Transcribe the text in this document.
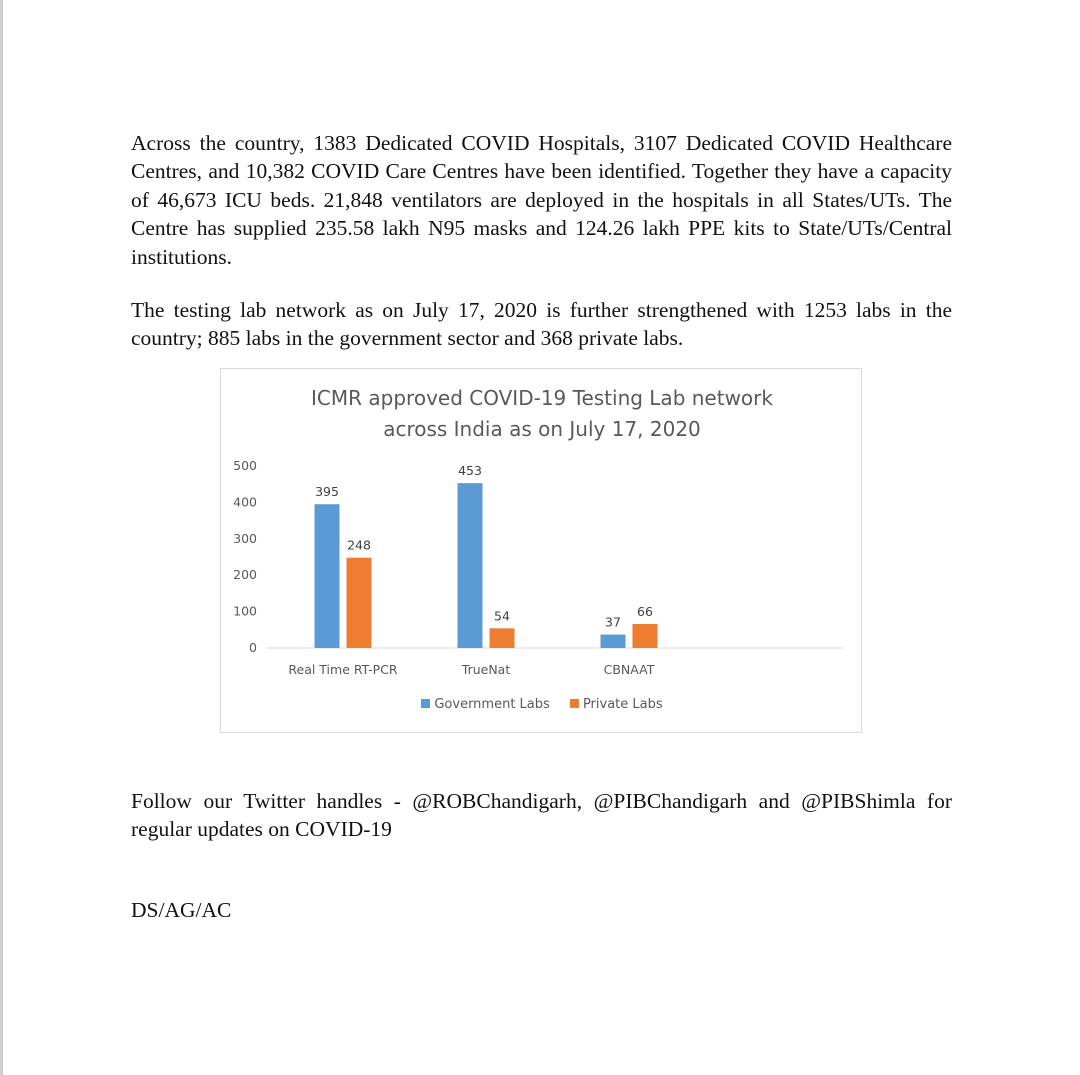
Across the country, 1383 Dedicated COVID Hospitals, 3107 Dedicated COVID Healthcare Centres, and 10,382 COVID Care Centres have been identified. Together they have a capacity of 46,673 ICU beds. 21,848 ventilators are deployed in the hospitals in all States/UTs. The Centre has supplied 235.58 lakh N95 masks and 124.26 lakh PPE kits to State/UTs/Central institutions.

The testing lab network as on July 17, 2020 is further strengthened with 1253 labs in the country; 885 labs in the government sector and 368 private labs.

ICMR approved COVID-19 Testing Lab network
across India as on July 17, 2020
0
100
200
300
400
500
395
248
Real Time RT-PCR
453
54
TrueNat
37
66
CBNAAT
Government Labs	Private Labs

Follow our Twitter handles - @ROBChandigarh, @PIBChandigarh and @PIBShimla for regular updates on COVID-19

DS/AG/AC
